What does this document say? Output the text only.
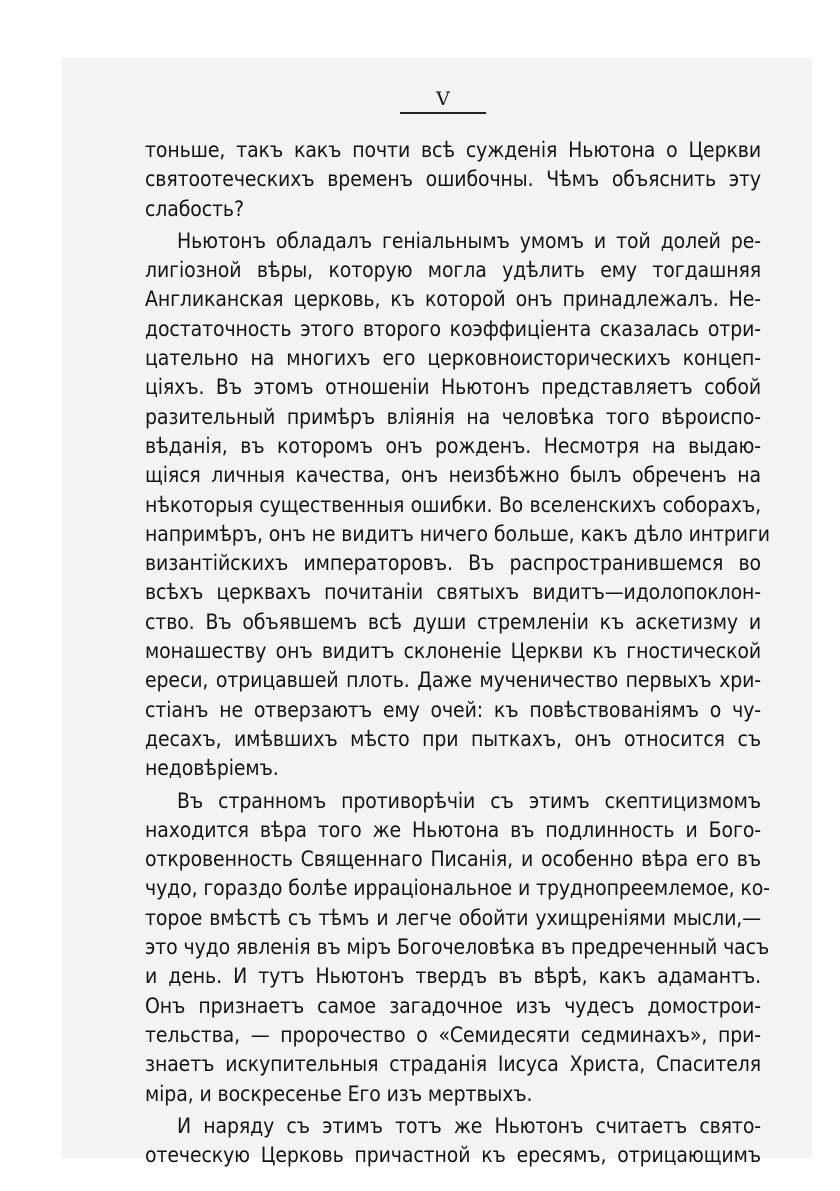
V
тоньше, такъ какъ почти всѣ сужденія Ньютона о Церкви
святоотеческихъ временъ ошибочны. Чѣмъ объяснить эту
слабость?
Ньютонъ обладалъ геніальнымъ умомъ и той долей ре-
лигіозной вѣры, которую могла удѣлить ему тогдашняя
Англиканская церковь, къ которой онъ принадлежалъ. Не-
достаточность этого второго коэффиціента сказалась отри-
цательно на многихъ его церковноисторическихъ концеп-
ціяхъ. Въ этомъ отношеніи Ньютонъ представляетъ собой
разительный примѣръ вліянія на человѣка того вѣроиспо-
вѣданія, въ которомъ онъ рожденъ. Несмотря на выдаю-
щіяся личныя качества, онъ неизбѣжно былъ обреченъ на
нѣкоторыя существенныя ошибки. Во вселенскихъ соборахъ,
напримѣръ, онъ не видитъ ничего больше, какъ дѣло интриги
византійскихъ императоровъ. Въ распространившемся во
всѣхъ церквахъ почитаніи святыхъ видитъ—идолопоклон-
ство. Въ объявшемъ всѣ души стремленіи къ аскетизму и
монашеству онъ видитъ склоненіе Церкви къ гностической
ереси, отрицавшей плоть. Даже мученичество первыхъ хри-
стіанъ не отверзаютъ ему очей: къ повѣствованіямъ о чу-
десахъ, имѣвшихъ мѣсто при пыткахъ, онъ относится съ
недовѣріемъ.
Въ странномъ противорѣчіи съ этимъ скептицизмомъ
находится вѣра того же Ньютона въ подлинность и Бого-
откровенность Священнаго Писанія, и особенно вѣра его въ
чудо, гораздо болѣе ирраціональное и труднопреемлемое, ко-
торое вмѣстѣ съ тѣмъ и легче обойти ухищреніями мысли,—
это чудо явленія въ міръ Богочеловѣка въ предреченный часъ
и день. И тутъ Ньютонъ твердъ въ вѣрѣ, какъ адамантъ.
Онъ признаетъ самое загадочное изъ чудесъ домострои-
тельства, — пророчество о «Семидесяти седминахъ», при-
знаетъ искупительныя страданія Іисуса Христа, Спасителя
міра, и воскресенье Его изъ мертвыхъ.
И наряду съ этимъ тотъ же Ньютонъ считаетъ свято-
отеческую Церковь причастной къ ересямъ, отрицающимъ
